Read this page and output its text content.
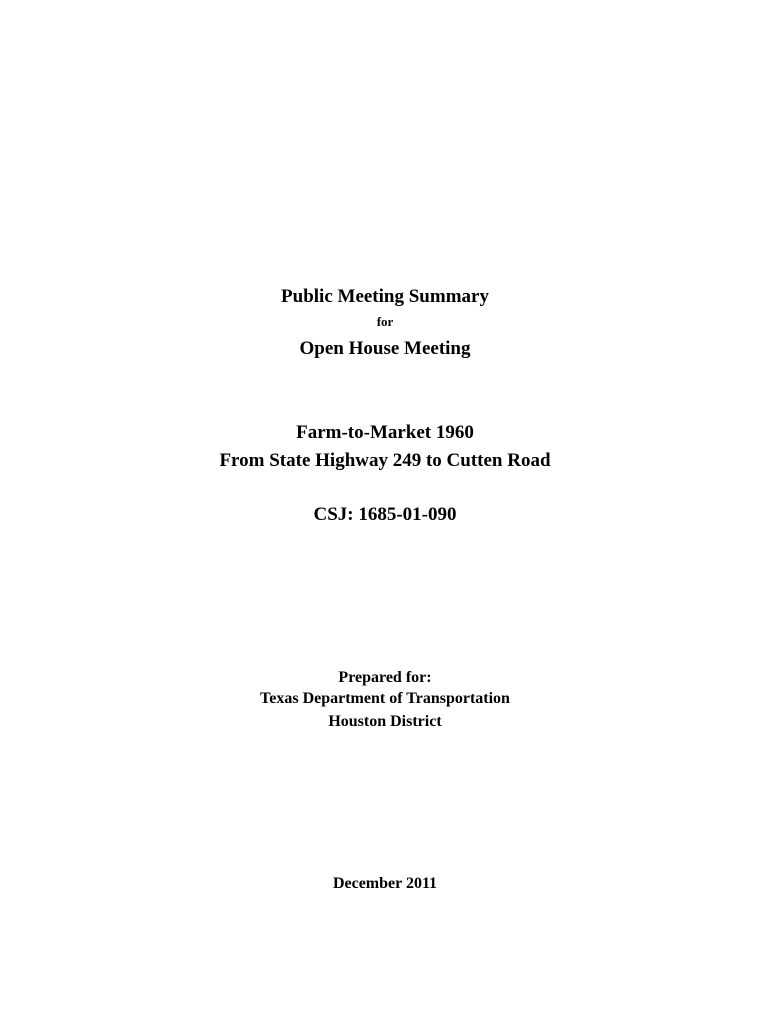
Public Meeting Summary
for
Open House Meeting
Farm-to-Market 1960
From State Highway 249 to Cutten Road
CSJ: 1685-01-090
Prepared for:
Texas Department of Transportation
Houston District
December 2011
